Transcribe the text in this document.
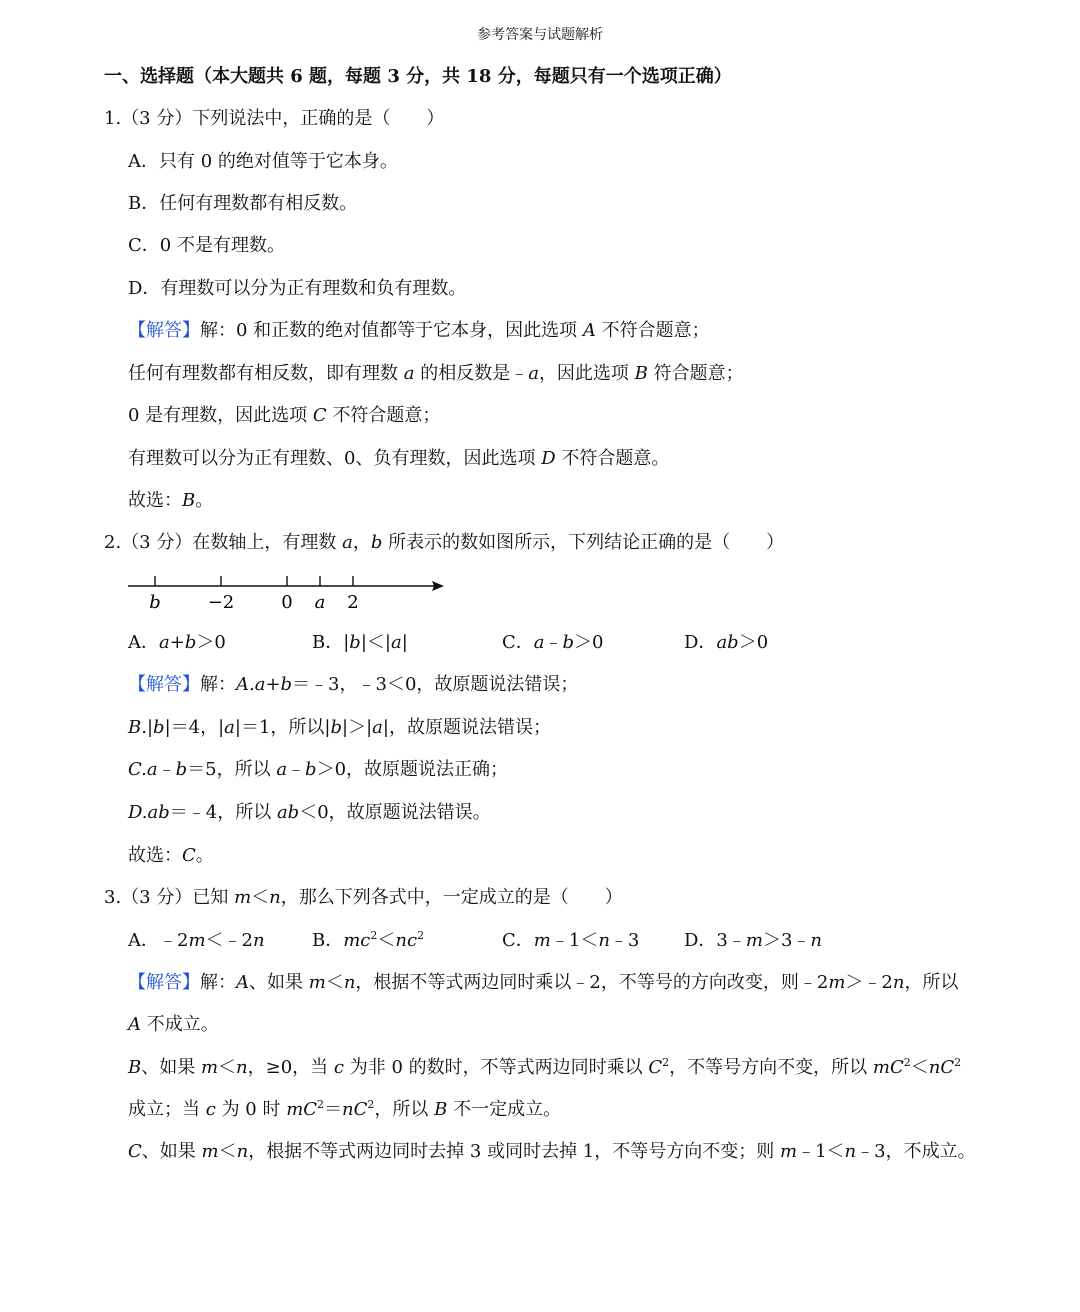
参考答案与试题解析
一、选择题（本大题共 6 题，每题 3 分，共 18 分，每题只有一个选项正确）
1.（3 分）下列说法中，正确的是（　　）
A．只有 0 的绝对值等于它本身。
B．任何有理数都有相反数。
C．0 不是有理数。
D．有理数可以分为正有理数和负有理数。
【解答】解：0 和正数的绝对值都等于它本身，因此选项 A 不符合题意；
任何有理数都有相反数，即有理数 a 的相反数是﹣a，因此选项 B 符合题意；
0 是有理数，因此选项 C 不符合题意；
有理数可以分为正有理数、0、负有理数，因此选项 D 不符合题意。
故选：B。
2.（3 分）在数轴上，有理数 a，b 所表示的数如图所示，下列结论正确的是（　　）
b	−2	0 a 2
A．a+b＞0	B．|b|＜|a|	C．a﹣b＞0	D．ab＞0
【解答】解：A.a+b＝﹣3，﹣3＜0，故原题说法错误；
B.|b|＝4，|a|＝1，所以|b|＞|a|，故原题说法错误；
C.a﹣b＝5，所以 a﹣b＞0，故原题说法正确；
D.ab＝﹣4，所以 ab＜0，故原题说法错误。
故选：C。
3.（3 分）已知 m＜n，那么下列各式中，一定成立的是（　　）
A．﹣2m＜﹣2n	B．$mc^2<nc^2$	C．m﹣1＜n﹣3 D．3﹣m＞3﹣n
【解答】解：A、如果 m＜n，根据不等式两边同时乘以﹣2，不等号的方向改变，则﹣2m＞﹣2n，所以
A 不成立。
B、如果 m＜n，≥0，当 c 为非 0 的数时，不等式两边同时乘以 $C^2$，不等号方向不变，所以 $mC^2<nC^2$
成立；当 c 为 0 时 $mC^2=nC^2$，所以 B 不一定成立。
C、如果 m＜n，根据不等式两边同时去掉 3 或同时去掉 1，不等号方向不变；则 m﹣1＜n﹣3，不成立。
